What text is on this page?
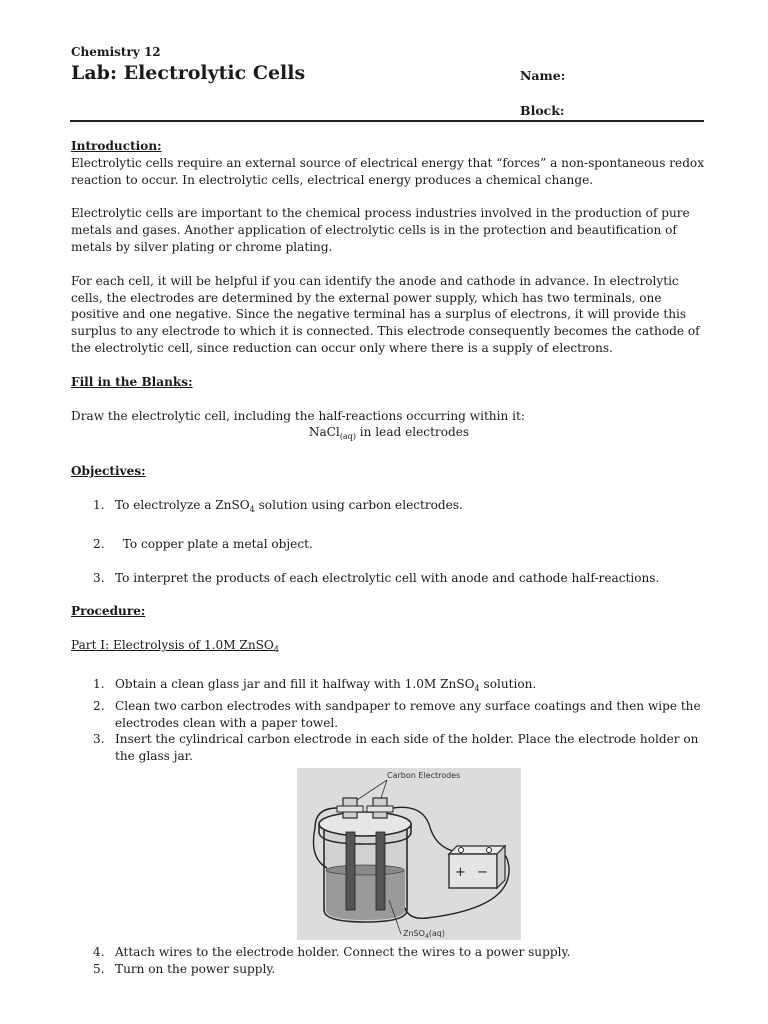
Chemistry 12
Lab: Electrolytic Cells	Name:
Block:

Introduction:

Electrolytic cells require an external source of electrical energy that “forces” a non-spontaneous redox reaction to occur. In electrolytic cells, electrical energy produces a chemical change.

Electrolytic cells are important to the chemical process industries involved in the production of pure metals and gases. Another application of electrolytic cells is in the protection and beautification of metals by silver plating or chrome plating.

For each cell, it will be helpful if you can identify the anode and cathode in advance. In electrolytic cells, the electrodes are determined by the external power supply, which has two terminals, one positive and one negative. Since the negative terminal has a surplus of electrons, it will provide this surplus to any electrode to which it is connected. This electrode consequently becomes the cathode of the electrolytic cell, since reduction can occur only where there is a supply of electrons.

Fill in the Blanks:

Draw the electrolytic cell, including the half-reactions occurring within it:

NaCl$_{(aq)}$ in lead electrodes

Objectives:

1. To electrolyze a ZnSO$_4$ solution using carbon electrodes.
2. To copper plate a metal object.
3. To interpret the products of each electrolytic cell with anode and cathode half-reactions.

Procedure:

Part I: Electrolysis of 1.0M ZnSO$_4$

1. Obtain a clean glass jar and fill it halfway with 1.0M ZnSO$_4$ solution.
2. Clean two carbon electrodes with sandpaper to remove any surface coatings and then wipe the electrodes clean with a paper towel.
3. Insert the cylindrical carbon electrode in each side of the holder. Place the electrode holder on the glass jar.
Carbon Electrodes
+ −
ZnSO$_4$(aq)
4. Attach wires to the electrode holder. Connect the wires to a power supply.
5. Turn on the power supply.
